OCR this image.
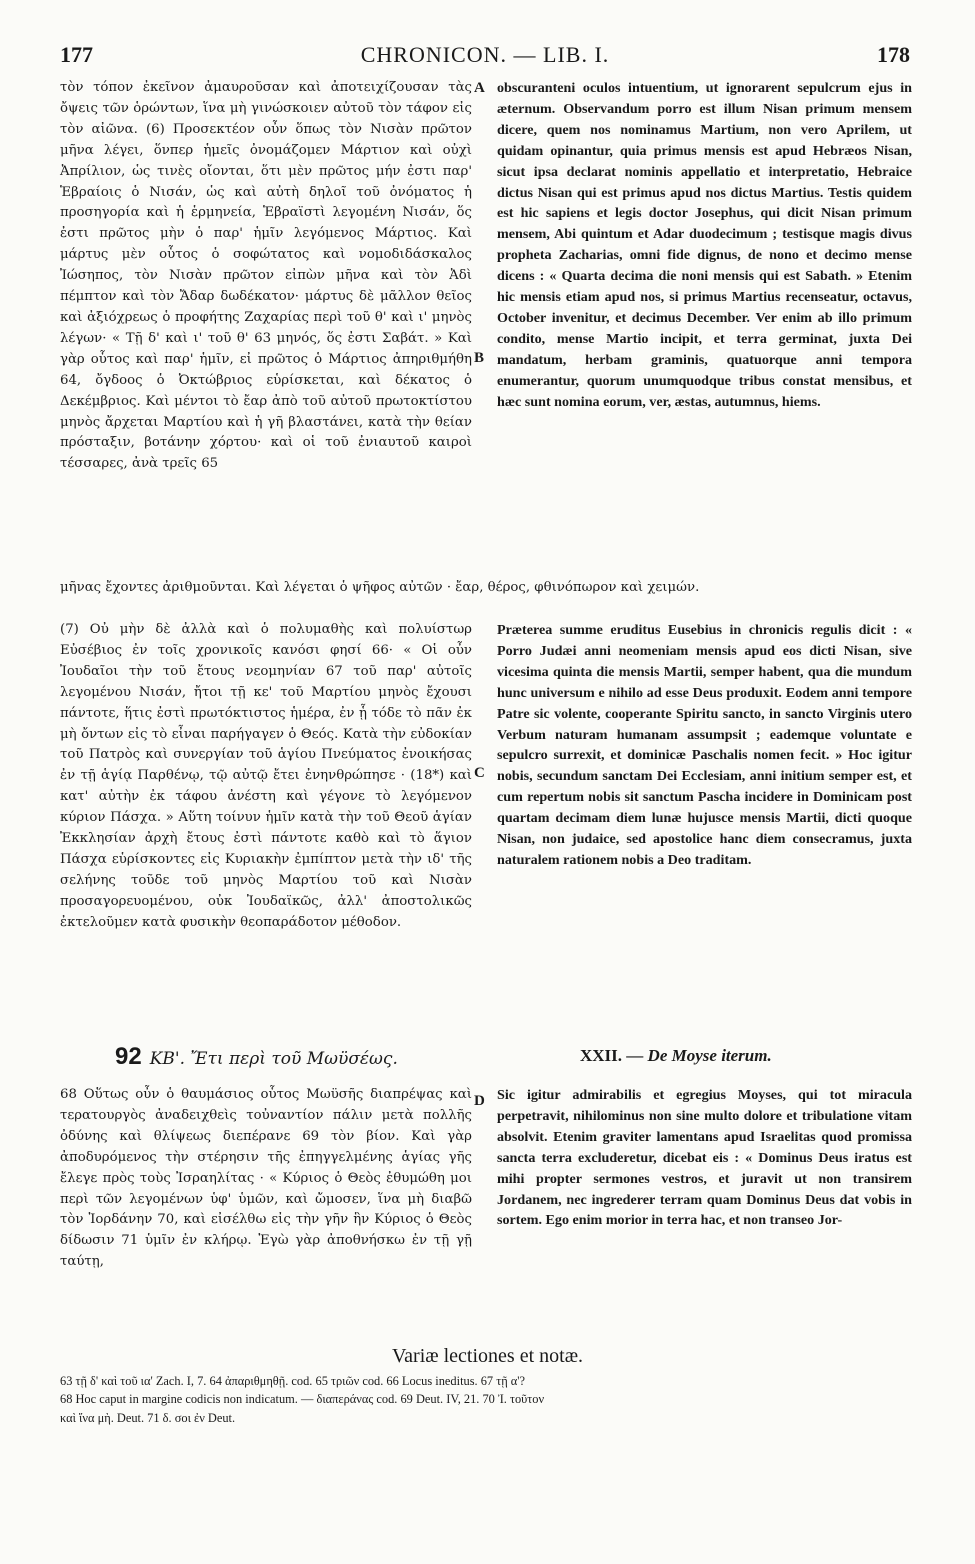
177	CHRONICON. — LIB. I.	178

τὸν τόπον ἐκεῖνον ἀμαυροῦσαν καὶ ἀποτειχίζουσαν τὰς ὄψεις τῶν ὁρώντων, ἵνα μὴ γινώσκοιεν αὐτοῦ τὸν τάφον εἰς τὸν αἰῶνα. (6) Προσεκτέον οὖν ὅπως τὸν Νισὰν πρῶτον μῆνα λέγει, ὅνπερ ἡμεῖς ὀνομάζομεν Μάρτιον καὶ οὐχὶ Ἀπρίλιον, ὡς τινὲς οἴονται, ὅτι μὲν πρῶτος μήν ἐστι παρ' Ἑβραίοις ὁ Νισάν, ὡς καὶ αὐτὴ δηλοῖ τοῦ ὀνόματος ἡ προσηγορία καὶ ἡ ἑρμηνεία, Ἑβραϊστὶ λεγομένη Νισάν, ὅς ἐστι πρῶτος μὴν ὁ παρ' ἡμῖν λεγόμενος Μάρτιος. Καὶ μάρτυς μὲν οὗτος ὁ σοφώτατος καὶ νομοδιδάσκαλος Ἰώσηπος, τὸν Νισὰν πρῶτον εἰπὼν μῆνα καὶ τὸν Ἀδὶ πέμπτον καὶ τὸν Ἄδαρ δωδέκατον· μάρτυς δὲ μᾶλλον θεῖος καὶ ἀξιόχρεως ὁ προφήτης Ζαχαρίας περὶ τοῦ θ' καὶ ι' μηνὸς λέγων· « Τῇ δ' καὶ ι' τοῦ θ' 63 μηνός, ὅς ἐστι Σαβάτ. » Καὶ γὰρ οὗτος καὶ παρ' ἡμῖν, εἰ πρῶτος ὁ Μάρτιος ἀπηριθμήθη 64, ὄγδοος ὁ Ὀκτώβριος εὑρίσκεται, καὶ δέκατος ὁ Δεκέμβριος. Καὶ μέντοι τὸ ἔαρ ἀπὸ τοῦ αὐτοῦ πρωτοκτίστου μηνὸς ἄρχεται Μαρτίου καὶ ἡ γῆ βλαστάνει, κατὰ τὴν θείαν πρόσταξιν, βοτάνην χόρτου· καὶ οἱ τοῦ ἐνιαυτοῦ καιροὶ τέσσαρες, ἀνὰ τρεῖς 65

obscuranteni oculos intuentium, ut ignorarent sepulcrum ejus in æternum. Observandum porro est illum Nisan primum mensem dicere, quem nos nominamus Martium, non vero Aprilem, ut quidam opinantur, quia primus mensis est apud Hebræos Nisan, sicut ipsa declarat nominis appellatio et interpretatio, Hebraice dictus Nisan qui est primus apud nos dictus Martius. Testis quidem est hic sapiens et legis doctor Josephus, qui dicit Nisan primum mensem, Abi quintum et Adar duodecimum ; testisque magis divus propheta Zacharias, omni fide dignus, de nono et decimo mense dicens : « Quarta decima die noni mensis qui est Sabath. » Etenim hic mensis etiam apud nos, si primus Martius recenseatur, octavus, October invenitur, et decimus December. Ver enim ab illo primum condito, mense Martio incipit, et terra germinat, juxta Dei mandatum, herbam graminis, quatuorque anni tempora enumerantur, quorum unumquodque tribus constat mensibus, et hæc sunt nomina eorum, ver, æstas, autumnus, hiems.

A
B
C
D
μῆνας ἔχοντες ἀριθμοῦνται. Καὶ λέγεται ὁ ψῆφος αὐτῶν · ἔαρ, θέρος, φθινόπωρον καὶ χειμών.

(7) Οὐ μὴν δὲ ἀλλὰ καὶ ὁ πολυμαθὴς καὶ πολυίστωρ Εὐσέβιος ἐν τοῖς χρονικοῖς κανόσι φησί 66· « Οἱ οὖν Ἰουδαῖοι τὴν τοῦ ἔτους νεομηνίαν 67 τοῦ παρ' αὐτοῖς λεγομένου Νισάν, ἤτοι τῇ κε' τοῦ Μαρτίου μηνὸς ἔχουσι πάντοτε, ἥτις ἐστὶ πρωτόκτιστος ἡμέρα, ἐν ᾗ τόδε τὸ πᾶν ἐκ μὴ ὄντων εἰς τὸ εἶναι παρήγαγεν ὁ Θεός. Κατὰ τὴν εὐδοκίαν τοῦ Πατρὸς καὶ συνεργίαν τοῦ ἁγίου Πνεύματος ἐνοικήσας ἐν τῇ ἁγίᾳ Παρθένῳ, τῷ αὐτῷ ἔτει ἐνηνθρώπησε · (18*) καὶ κατ' αὐτὴν ἐκ τάφου ἀνέστη καὶ γέγονε τὸ λεγόμενον κύριον Πάσχα. » Αὕτη τοίνυν ἡμῖν κατὰ τὴν τοῦ Θεοῦ ἁγίαν Ἐκκλησίαν ἀρχὴ ἔτους ἐστὶ πάντοτε καθὸ καὶ τὸ ἅγιον Πάσχα εὑρίσκοντες εἰς Κυριακὴν ἐμπίπτον μετὰ τὴν ιδ' τῆς σελήνης τοῦδε τοῦ μηνὸς Μαρτίου τοῦ καὶ Νισὰν προσαγορευομένου, οὐκ Ἰουδαϊκῶς, ἀλλ' ἀποστολικῶς ἐκτελοῦμεν κατὰ φυσικὴν θεοπαράδοτον μέθοδον.

Præterea summe eruditus Eusebius in chronicis regulis dicit : « Porro Judæi anni neomeniam mensis apud eos dicti Nisan, sive vicesima quinta die mensis Martii, semper habent, qua die mundum hunc universum e nihilo ad esse Deus produxit. Eodem anni tempore Patre sic volente, cooperante Spiritu sancto, in sancto Virginis utero Verbum naturam humanam assumpsit ; eademque voluntate e sepulcro surrexit, et dominicæ Paschalis nomen fecit. » Hoc igitur nobis, secundum sanctam Dei Ecclesiam, anni initium semper est, et cum repertum nobis sit sanctum Pascha incidere in Dominicam post quartam decimam diem lunæ hujusce mensis Martii, dicti quoque Nisan, non judaice, sed apostolice hanc diem consecramus, juxta naturalem rationem nobis a Deo traditam.

92 ΚΒ'. Ἔτι περὶ τοῦ Μωϋσέως.	XXII. — De Moyse iterum.

68 Οὕτως οὖν ὁ θαυμάσιος οὗτος Μωϋσῆς διαπρέψας καὶ τερατουργὸς ἀναδειχθεὶς τοὐναντίον πάλιν μετὰ πολλῆς ὀδύνης καὶ θλίψεως διεπέρανε 69 τὸν βίον. Καὶ γὰρ ἀποδυρόμενος τὴν στέρησιν τῆς ἐπηγγελμένης ἁγίας γῆς ἔλεγε πρὸς τοὺς Ἰσραηλίτας · « Κύριος ὁ Θεὸς ἐθυμώθη μοι περὶ τῶν λεγομένων ὑφ' ὑμῶν, καὶ ὤμοσεν, ἵνα μὴ διαβῶ τὸν Ἰορδάνην 70, καὶ εἰσέλθω εἰς τὴν γῆν ἣν Κύριος ὁ Θεὸς δίδωσιν 71 ὑμῖν ἐν κλήρῳ. Ἐγὼ γὰρ ἀποθνήσκω ἐν τῇ γῇ ταύτῃ,

Sic igitur admirabilis et egregius Moyses, qui tot miracula perpetravit, nihilominus non sine multo dolore et tribulatione vitam absolvit. Etenim graviter lamentans apud Israelitas quod promissa sancta terra excluderetur, dicebat eis : « Dominus Deus iratus est mihi propter sermones vestros, et juravit ut non transirem Jordanem, nec ingrederer terram quam Dominus Deus dat vobis in sortem. Ego enim morior in terra hac, et non transeo Jor-

Variæ lectiones et notæ.

63 τῇ δ' καὶ τοῦ ια' Zach. I, 7. 64 ἀπαριθμηθῇ. cod. 65 τριῶν cod. 66 Locus ineditus. 67 τῇ α'?

68 Hoc caput in margine codicis non indicatum. — διαπεράνας cod. 69 Deut. IV, 21. 70 Ἰ. τοῦτον

καὶ ἵνα μὴ. Deut. 71 δ. σοι ἐν Deut.
